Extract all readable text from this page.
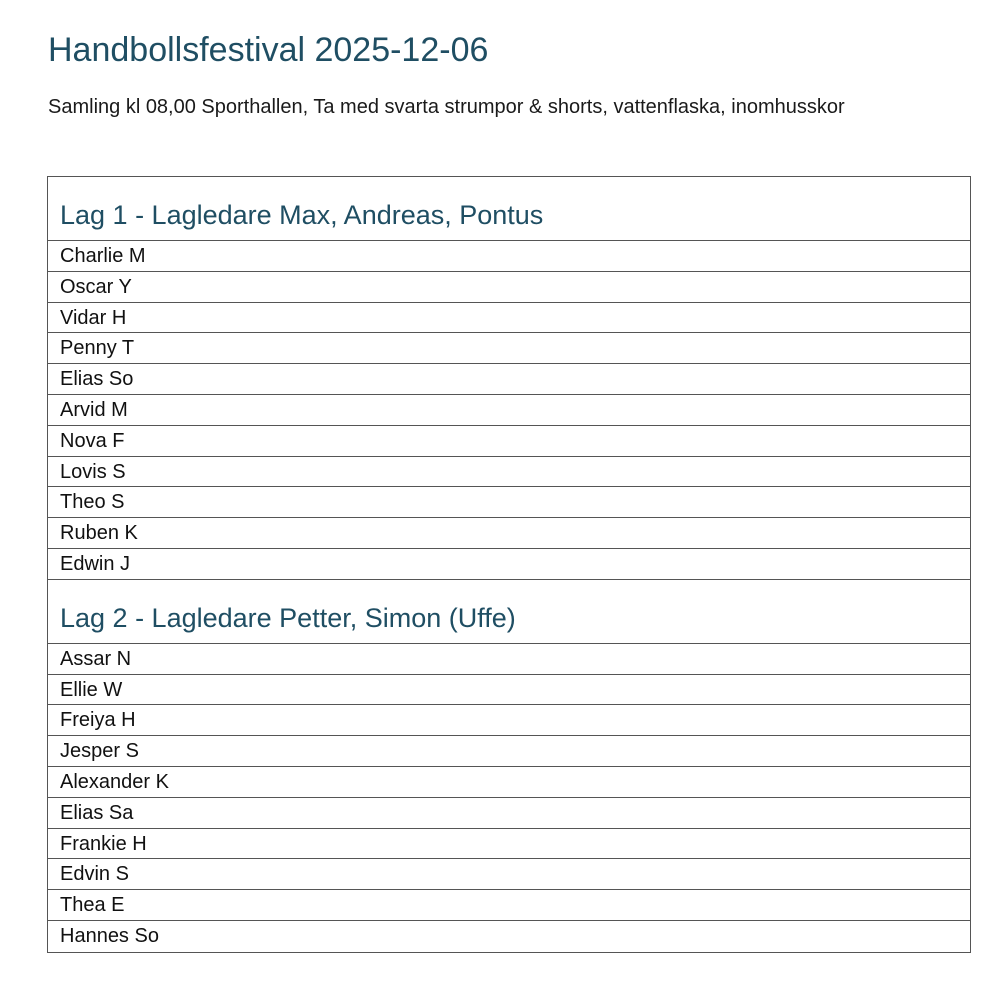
Handbollsfestival 2025-12-06

Samling kl 08,00 Sporthallen, Ta med svarta strumpor & shorts, vattenflaska, inomhusskor

Lag 1 - Lagledare Max, Andreas, Pontus
Charlie M
Oscar Y
Vidar H
Penny T
Elias So
Arvid M
Nova F
Lovis S
Theo S
Ruben K
Edwin J
Lag 2 - Lagledare Petter, Simon (Uffe)
Assar N
Ellie W
Freiya H
Jesper S
Alexander K
Elias Sa
Frankie H
Edvin S
Thea E
Hannes So
